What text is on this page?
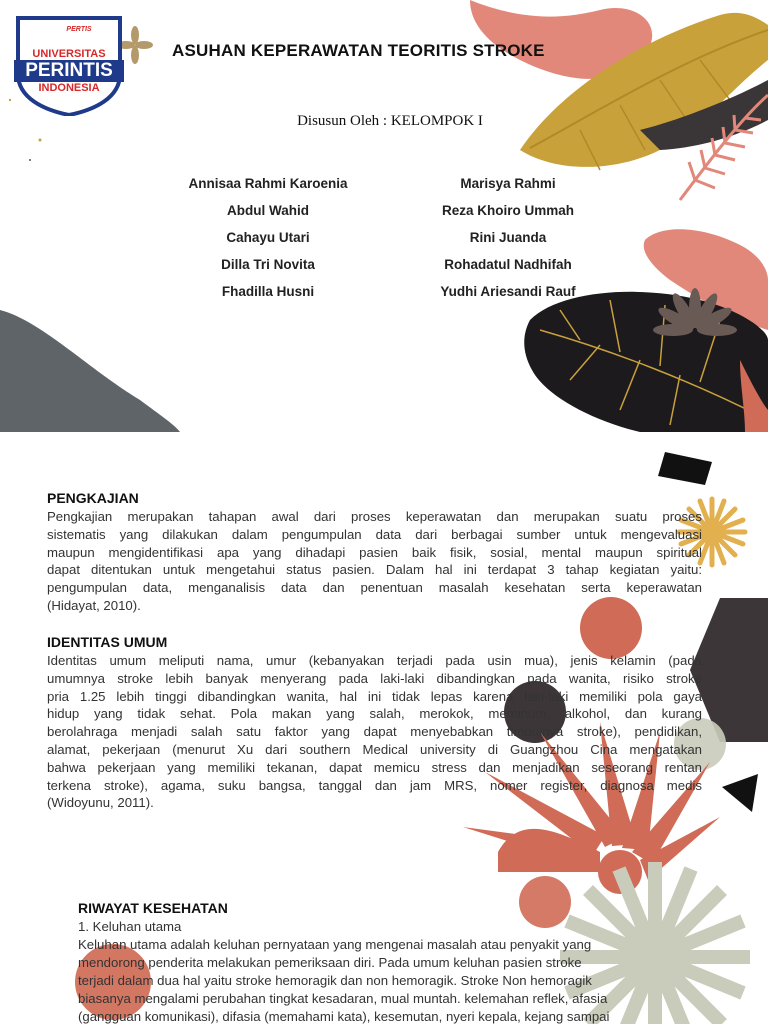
PERTIS
UNIVERSITAS
PERINTIS
INDONESIA
ASUHAN KEPERAWATAN TEORITIS STROKE
Disusun Oleh : KELOMPOK I
Annisaa Rahmi Karoenia
Abdul Wahid
Cahayu Utari
Dilla Tri Novita
Fhadilla Husni
Marisya Rahmi
Reza Khoiro Ummah
Rini Juanda
Rohadatul Nadhifah
Yudhi Ariesandi Rauf
PENGKAJIAN
Pengkajian merupakan tahapan awal dari proses keperawatan dan merupakan suatu proses
sistematis yang dilakukan dalam pengumpulan data dari berbagai sumber untuk mengevaluasi
maupun mengidentifikasi apa yang dihadapi pasien baik fisik, sosial, mental maupun spiritual
dapat ditentukan untuk mengetahui status pasien. Dalam hal ini terdapat 3 tahap kegiatan yaitu:
pengumpulan data, menganalisis data dan penentuan masalah kesehatan serta keperawatan
(Hidayat, 2010).
IDENTITAS UMUM
Identitas umum meliputi nama, umur (kebanyakan terjadi pada usin mua), jenis kelamin (pada
umumnya stroke lebih banyak menyerang pada laki-laki dibandingkan pada wanita, risiko stroke
pria 1.25 lebih tinggi dibandingkan wanita, hal ini tidak lepas karena laki-laki memiliki pola gaya
hidup yang tidak sehat. Pola makan yang salah, merokok, meminum, alkohol, dan kurang
berolahraga menjadi salah satu faktor yang dapat menyebabkan timbulnya stroke), pendidikan,
alamat, pekerjaan (menurut Xu dari southern Medical university di Guangzhou Cina mengatakan
bahwa pekerjaan yang memiliki tekanan, dapat memicu stress dan menjadikan seseorang rentan
terkena stroke), agama, suku bangsa, tanggal dan jam MRS, nomer register, diagnosa medis
(Widoyunu, 2011).
RIWAYAT KESEHATAN
1. Keluhan utama
Keluhan utama adalah keluhan pernyataan yang mengenai masalah atau penyakit yang
mendorong penderita melakukan pemeriksaan diri. Pada umum keluhan pasien stroke
terjadi dalam dua hal yaitu stroke hemoragik dan non hemoragik. Stroke Non hemoragik
biasanya mengalami perubahan tingkat kesadaran, mual muntah. kelemahan reflek, afasia
(gangguan komunikasi), difasia (memahami kata), kesemutan, nyeri kepala, kejang sampai
